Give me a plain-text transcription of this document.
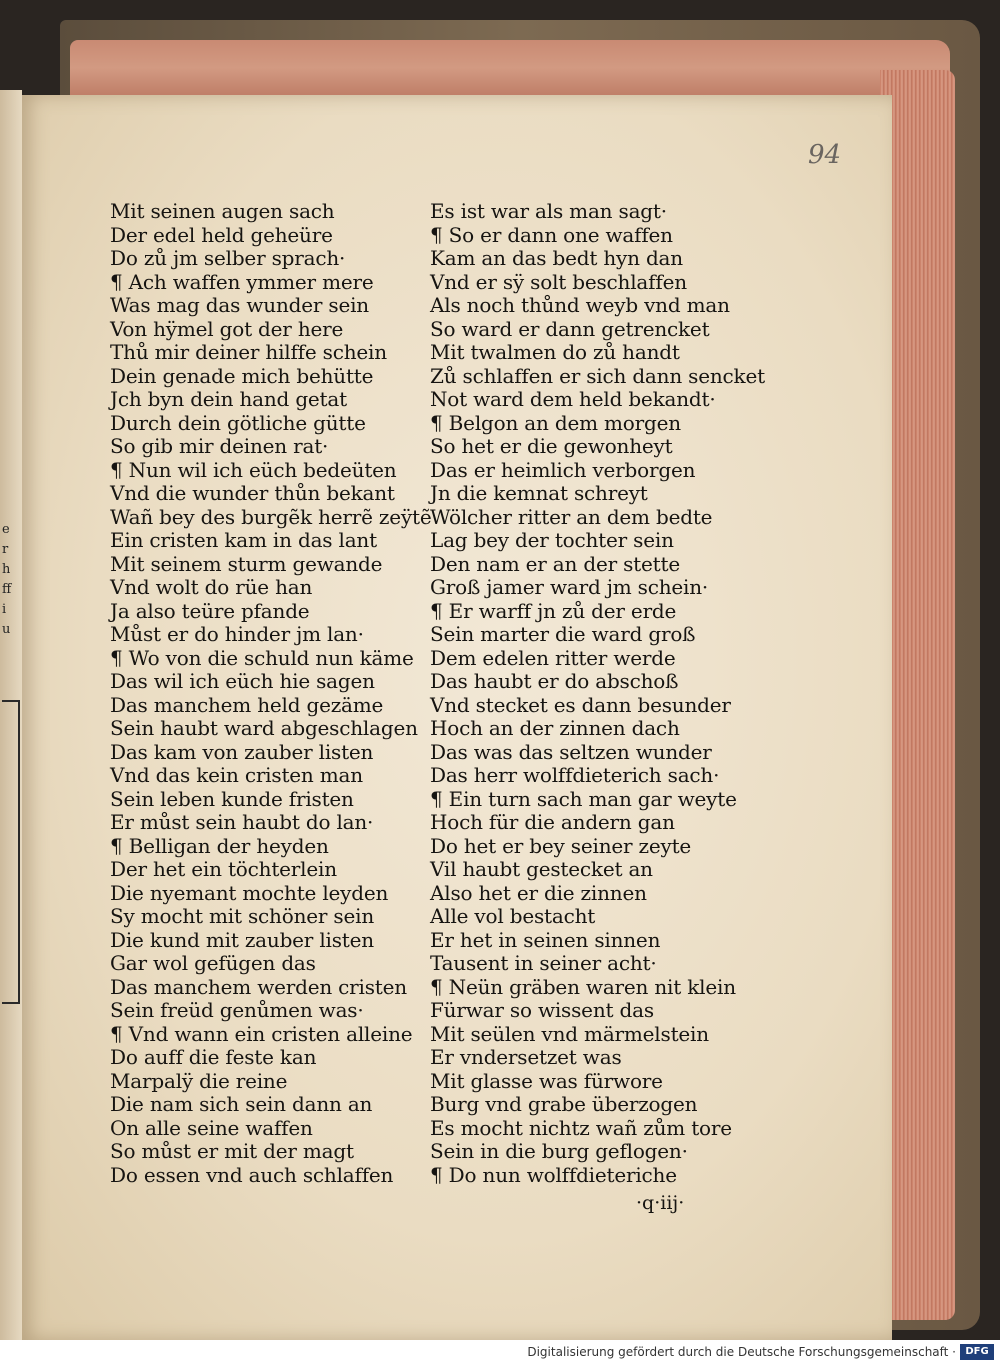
e
r
h
ff
i
u
94
Mit seinen augen sach
Der edel held gehеüre
Do zů jm selber sprach·
¶ Ach waffen ymmer mere
Was mag das wunder sein
Von hÿmel got der here
Thů mir deiner hilffe schein
Dein genade mich behütte
Jch byn dein hand getat
Durch dein götliche gütte
So gib mir deinen rat·
¶ Nun wil ich eüch bedeüten
Vnd die wunder thůn bekant
Wañ bey des burgẽk herrẽ zeÿtẽ
Ein cristen kam in das lant
Mit seinem sturm gewande
Vnd wolt do rüe han
Ja also teüre pfande
Můst er do hinder jm lan·
¶ Wo von die schuld nun käme
Das wil ich eüch hie sagen
Das manchem held gezäme
Sein haubt ward abgeschlagen
Das kam von zauber listen
Vnd das kein cristen man
Sein leben kunde fristen
Er můst sein haubt do lan·
¶ Belligan der heyden
Der het ein töchterlein
Die nyemant mochte leyden
Sy mocht mit schöner sein
Die kund mit zauber listen
Gar wol gefügen das
Das manchem werden cristen
Sein freüd genůmen was·
¶ Vnd wann ein cristen alleine
Do auff die feste kan
Marpalÿ die reine
Die nam sich sein dann an
On alle seine waffen
So můst er mit der magt
Do essen vnd auch schlaffen
Es ist war als man sagt·
¶ So er dann one waffen
Kam an das bedt hyn dan
Vnd er sÿ solt beschlaffen
Als noch thůnd weyb vnd man
So ward er dann getrencket
Mit twalmen do zů handt
Zů schlaffen er sich dann sencket
Not ward dem held bekandt·
¶ Belgon an dem morgen
So het er die gewonheyt
Das er heimlich verborgen
Jn die kemnat schreyt
Wölcher ritter an dem bedte
Lag bey der tochter sein
Den nam er an der stette
Groß jamer ward jm schein·
¶ Er warff jn zů der erde
Sein marter die ward groß
Dem edelen ritter werde
Das haubt er do abschoß
Vnd stecket es dann besunder
Hoch an der zinnen dach
Das was das seltzen wunder
Das herr wolffdieterich sach·
¶ Ein turn sach man gar weyte
Hoch für die andern gan
Do het er bey seiner zeyte
Vil haubt gestecket an
Also het er die zinnen
Alle vol bestacht
Er het in seinen sinnen
Tausent in seiner acht·
¶ Neün gräben waren nit klein
Fürwar so wissent das
Mit seülen vnd märmelstein
Er vndersetzet was
Mit glasse was fürwore
Burg vnd grabe überzogen
Es mocht nichtz wañ zům tore
Sein in die burg geflogen·
¶ Do nun wolffdieteriche
·q·iij·
Digitalisierung gefördert durch die Deutsche Forschungsgemeinschaft · DFG
